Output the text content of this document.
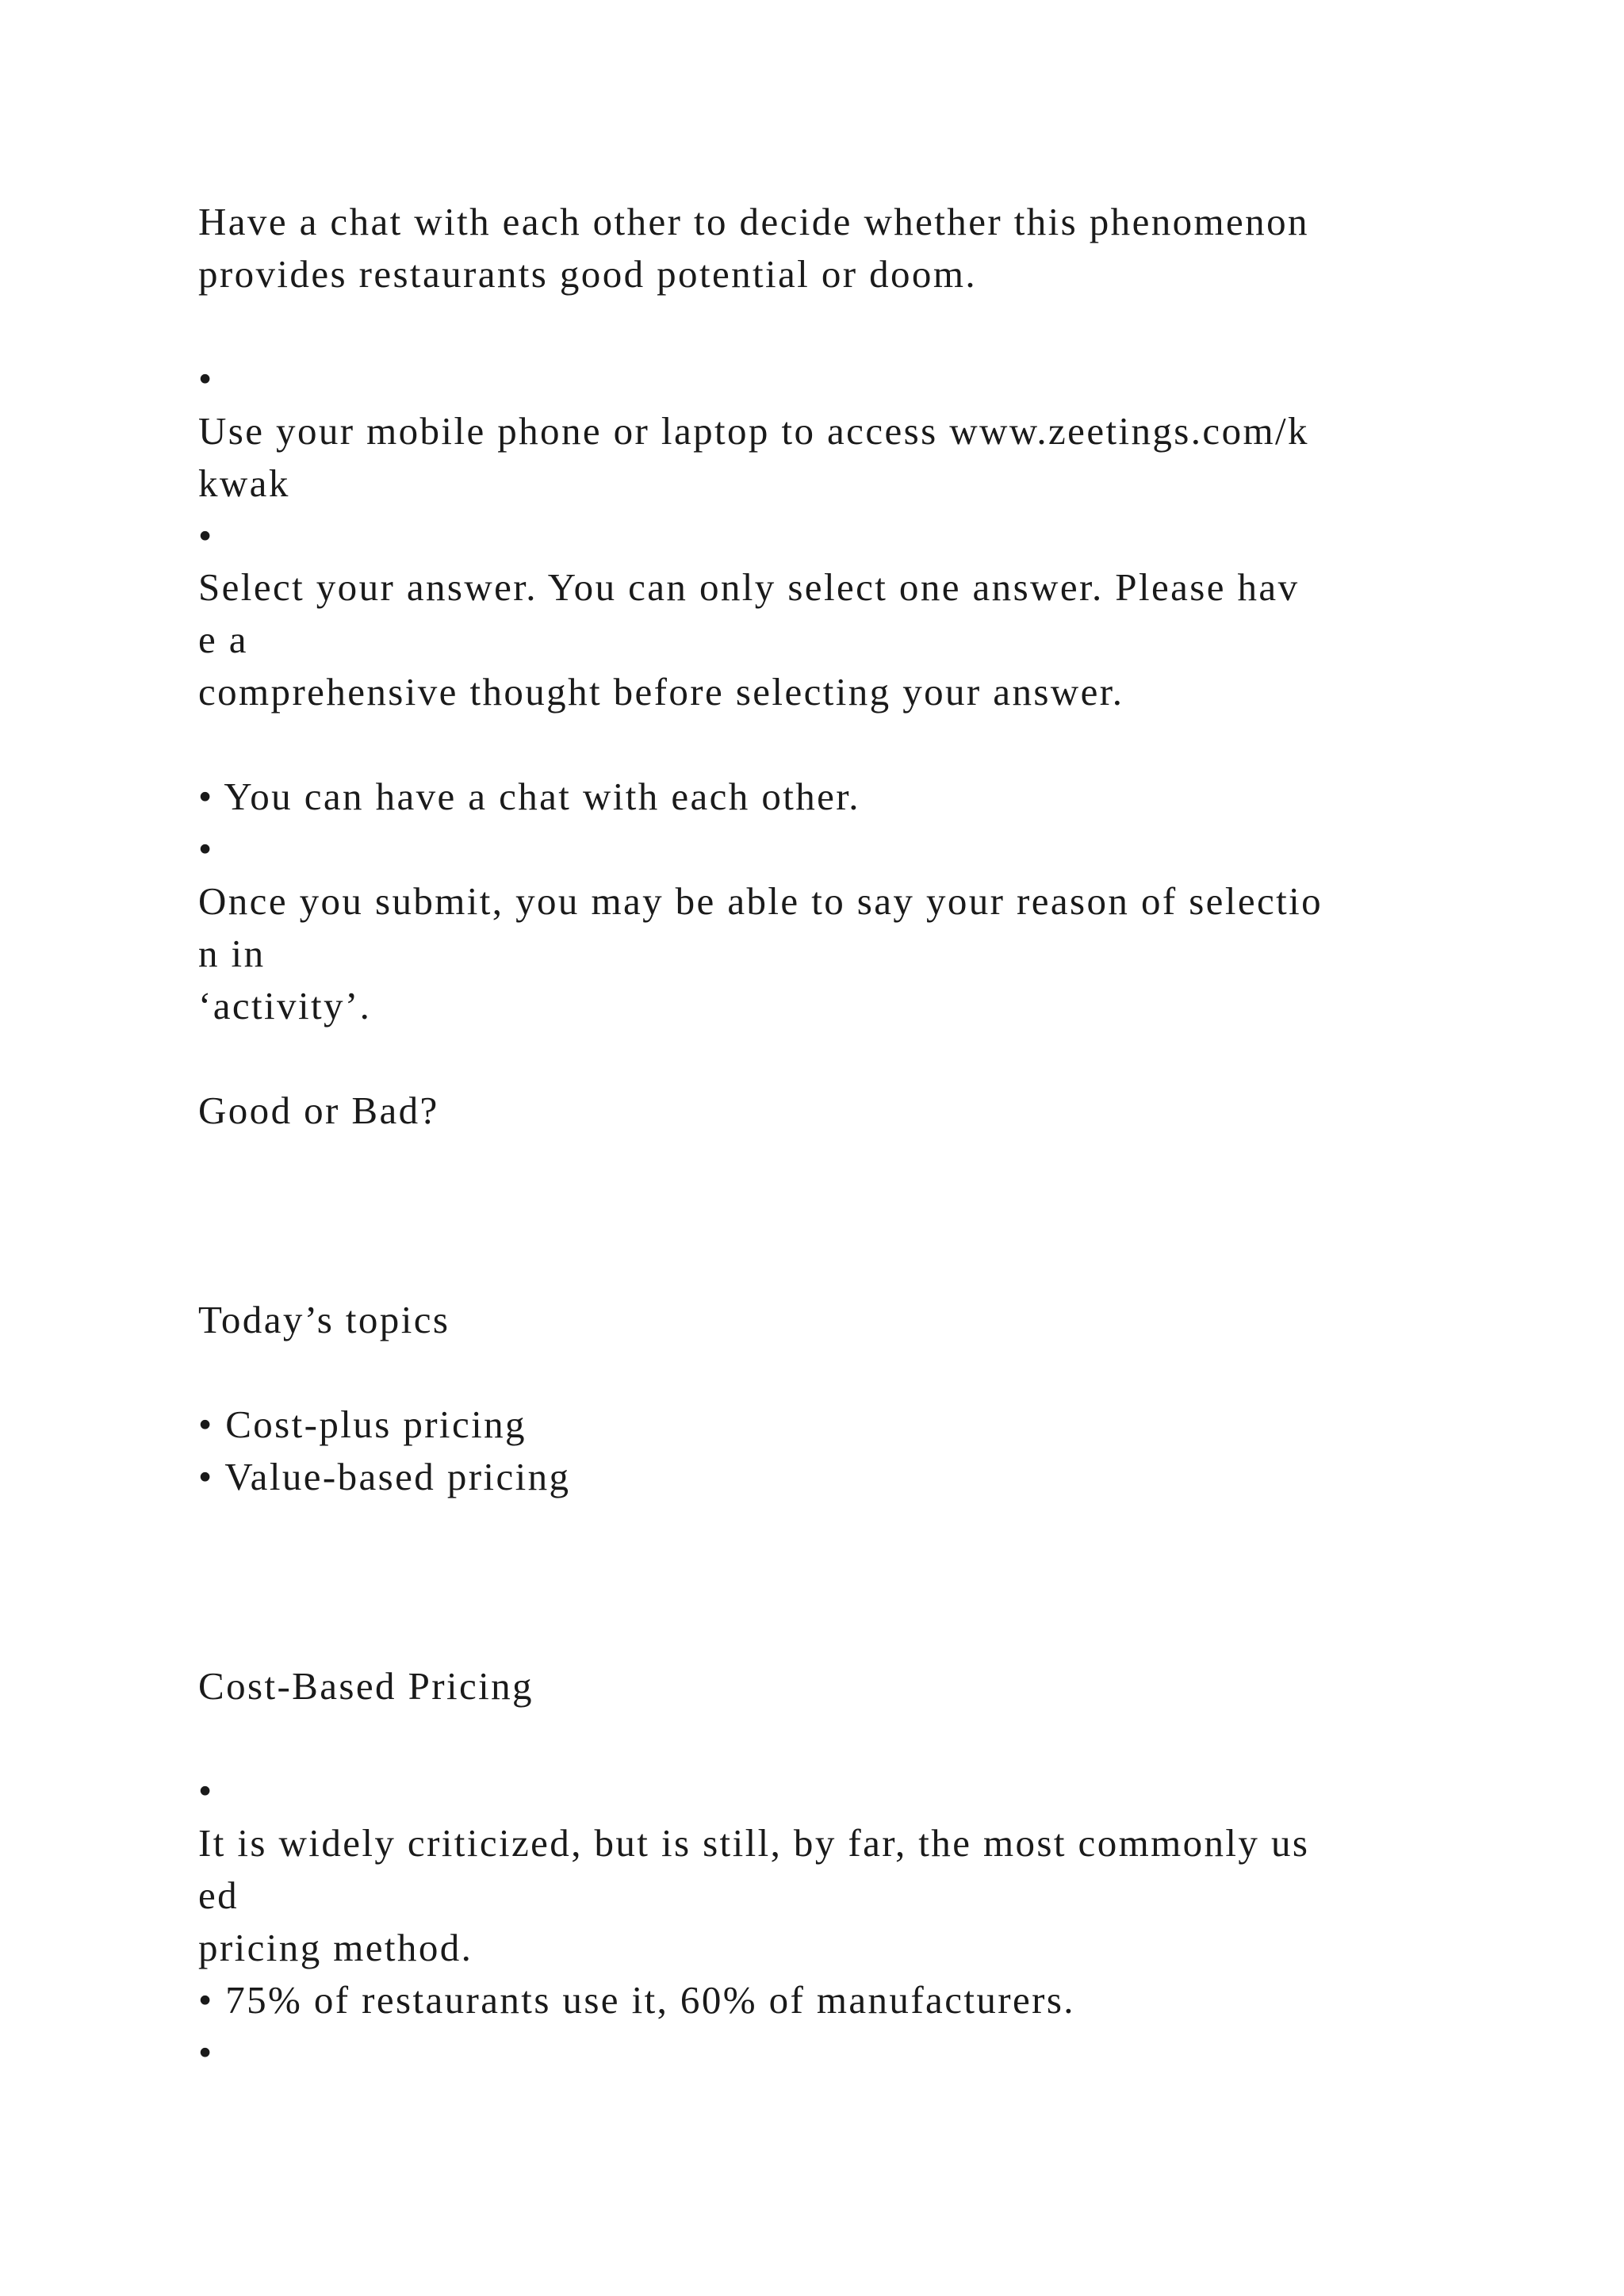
Have a chat with each other to decide whether this phenomenon

provides restaurants good potential or doom.

•

Use your mobile phone or laptop to access www.zeetings.com/k

kwak

•

Select your answer. You can only select one answer. Please hav

e a

comprehensive thought before selecting your answer.

• You can have a chat with each other.

•

Once you submit, you may be able to say your reason of selectio

n in

‘activity’.

Good or Bad?

Today’s topics

• Cost-plus pricing

• Value-based pricing

Cost-Based Pricing

•

It is widely criticized, but is still, by far, the most commonly us

ed

pricing method.

• 75% of restaurants use it, 60% of manufacturers.

•
